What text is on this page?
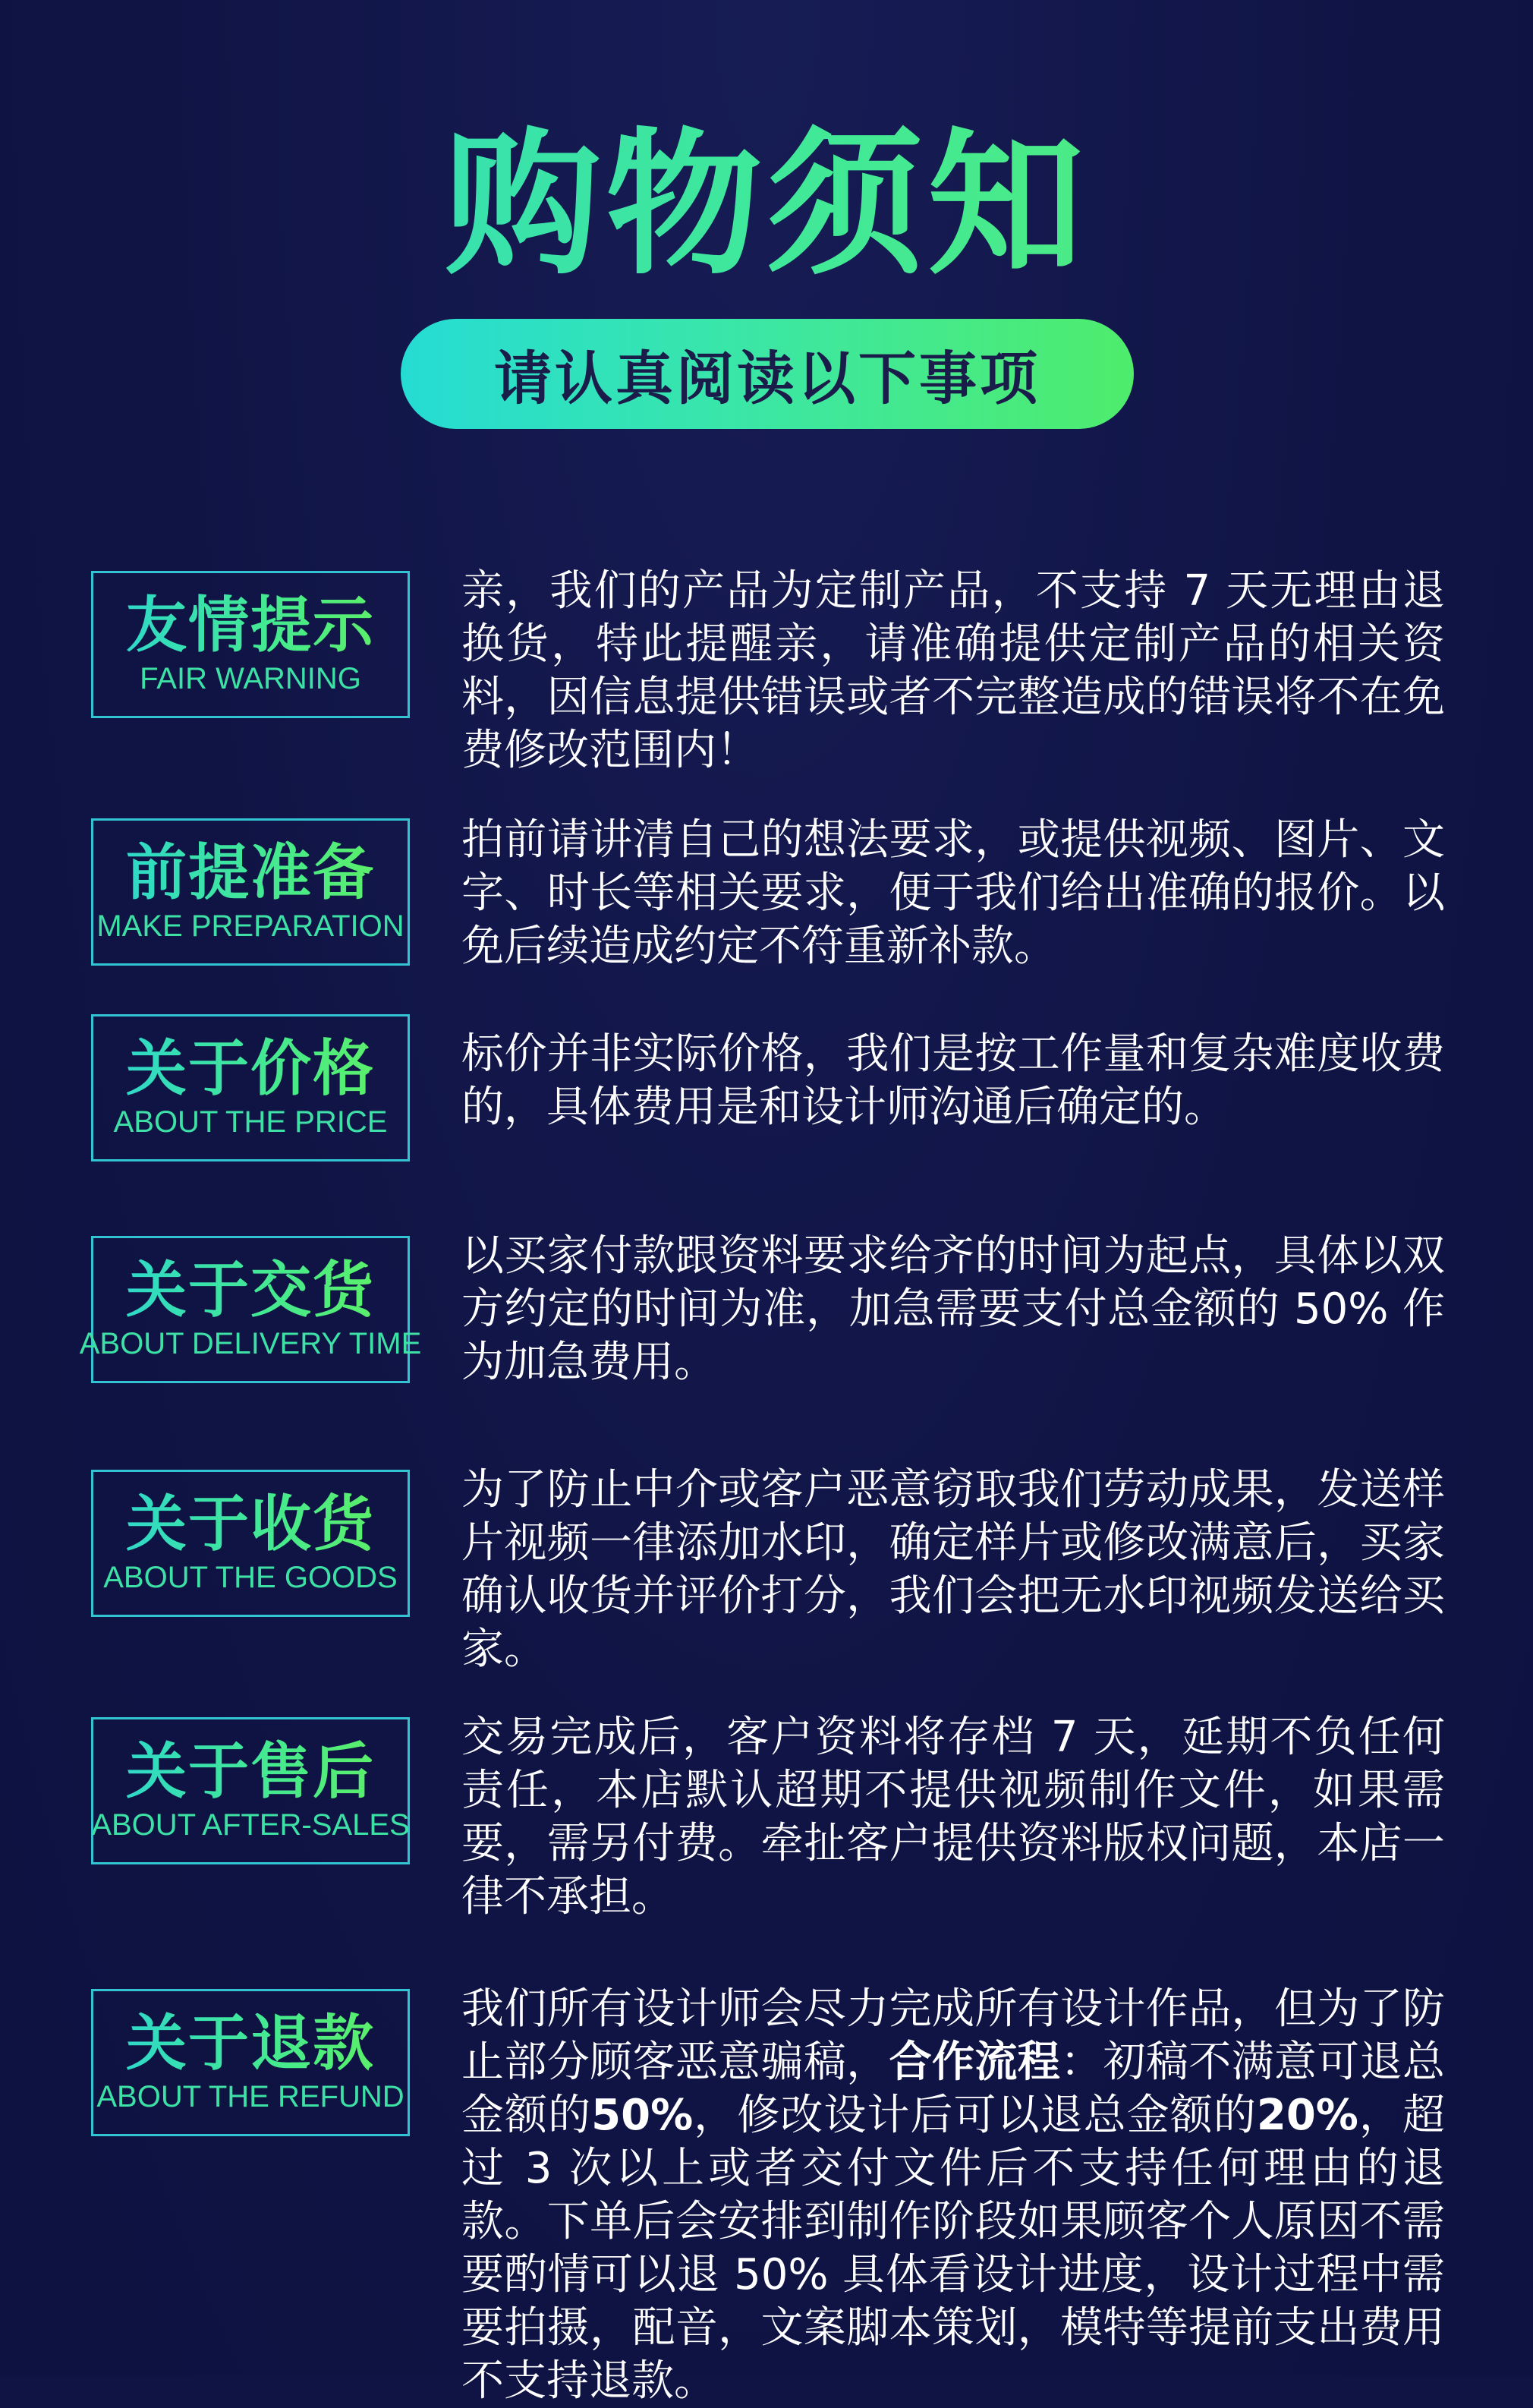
购物须知
请认真阅读以下事项
友情提示
FAIR WARNING
亲，我们的产品为定制产品，不支持 7 天无理由退换货，特此提醒亲，请准确提供定制产品的相关资料，因信息提供错误或者不完整造成的错误将不在免费修改范围内！
前提准备
MAKE PREPARATION
拍前请讲清自己的想法要求，或提供视频、图片、文字、时长等相关要求，便于我们给出准确的报价。以免后续造成约定不符重新补款。
关于价格
ABOUT THE PRICE
标价并非实际价格，我们是按工作量和复杂难度收费的，具体费用是和设计师沟通后确定的。
关于交货
ABOUT DELIVERY TIME
以买家付款跟资料要求给齐的时间为起点，具体以双方约定的时间为准，加急需要支付总金额的 50% 作为加急费用。
关于收货
ABOUT THE GOODS
为了防止中介或客户恶意窃取我们劳动成果，发送样片视频一律添加水印，确定样片或修改满意后，买家确认收货并评价打分，我们会把无水印视频发送给买家。
关于售后
ABOUT AFTER-SALES
交易完成后，客户资料将存档 7 天，延期不负任何责任，本店默认超期不提供视频制作文件，如果需要，需另付费。牵扯客户提供资料版权问题，本店一律不承担。
关于退款
ABOUT THE REFUND
我们所有设计师会尽力完成所有设计作品，但为了防止部分顾客恶意骗稿，合作流程：初稿不满意可退总金额的50%，修改设计后可以退总金额的20%，超过 3 次以上或者交付文件后不支持任何理由的退款。下单后会安排到制作阶段如果顾客个人原因不需要酌情可以退 50% 具体看设计进度，设计过程中需要拍摄，配音，文案脚本策划，模特等提前支出费用不支持退款。
